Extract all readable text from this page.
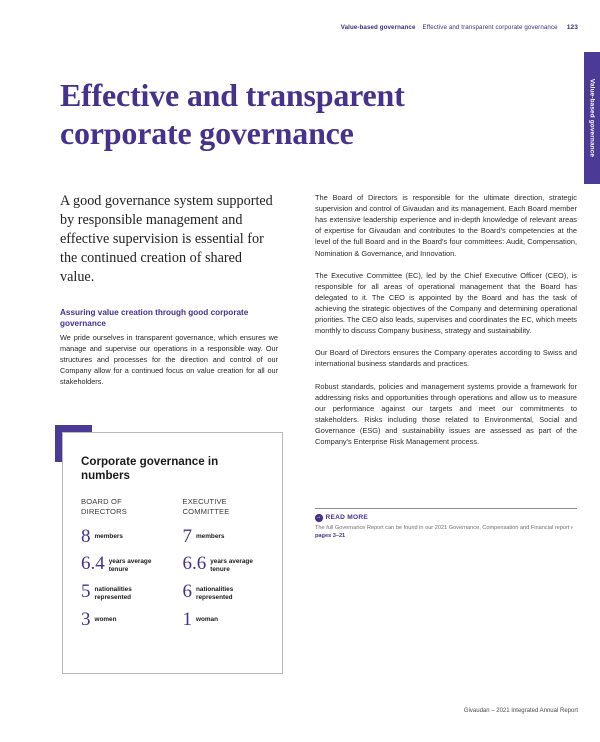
Value-based governance Effective and transparent corporate governance 123
Value-based governance
Effective and transparent corporate governance

A good governance system supported by responsible management and effective supervision is essential for the continued creation of shared value.

Assuring value creation through good corporate governance

We pride ourselves in transparent governance, which ensures we manage and supervise our operations in a responsible way. Our structures and processes for the direction and control of our Company allow for a continued focus on value creation for all our stakeholders.

The Board of Directors is responsible for the ultimate direction, strategic supervision and control of Givaudan and its management. Each Board member has extensive leadership experience and in-depth knowledge of relevant areas of expertise for Givaudan and contributes to the Board's competencies at the level of the full Board and in the Board's four committees: Audit, Compensation, Nomination & Governance, and Innovation.

The Executive Committee (EC), led by the Chief Executive Officer (CEO), is responsible for all areas of operational management that the Board has delegated to it. The CEO is appointed by the Board and has the task of achieving the strategic objectives of the Company and determining operational priorities. The CEO also leads, supervises and coordinates the EC, which meets monthly to discuss Company business, strategy and sustainability.

Our Board of Directors ensures the Company operates according to Swiss and international business standards and practices.

Robust standards, policies and management systems provide a framework for addressing risks and opportunities through operations and allow us to measure our performance against our targets and meet our commitments to stakeholders. Risks including those related to Environmental, Social and Governance (ESG) and sustainability issues are assessed as part of the Company's Enterprise Risk Management process.

→ READ MORE
The full Governance Report can be found in our 2021 Governance, Compensation and Financial report › pages 3–21
Corporate governance in numbers
BOARD OF DIRECTORS
8 members
6.4 years average tenure
5 nationalities represented
3 women
EXECUTIVE COMMITTEE
7 members
6.6 years average tenure
6 nationalities represented
1 woman
Givaudan – 2021 Integrated Annual Report
